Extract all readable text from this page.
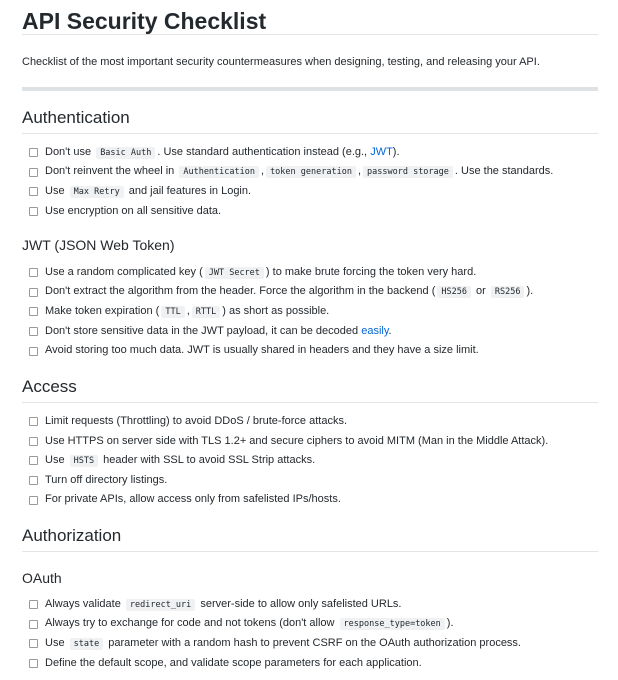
API Security Checklist

Checklist of the most important security countermeasures when designing, testing, and releasing your API.

Authentication
Don't use Basic Auth . Use standard authentication instead (e.g., JWT).
Don't reinvent the wheel in Authentication , token generation , password storage . Use the standards.
Use Max Retry and jail features in Login.
Use encryption on all sensitive data.
JWT (JSON Web Token)
Use a random complicated key ( JWT Secret ) to make brute forcing the token very hard.
Don't extract the algorithm from the header. Force the algorithm in the backend ( HS256 or RS256 ).
Make token expiration ( TTL , RTTL ) as short as possible.
Don't store sensitive data in the JWT payload, it can be decoded easily.
Avoid storing too much data. JWT is usually shared in headers and they have a size limit.
Access
Limit requests (Throttling) to avoid DDoS / brute-force attacks.
Use HTTPS on server side with TLS 1.2+ and secure ciphers to avoid MITM (Man in the Middle Attack).
Use HSTS header with SSL to avoid SSL Strip attacks.
Turn off directory listings.
For private APIs, allow access only from safelisted IPs/hosts.
Authorization
OAuth
Always validate redirect_uri server-side to allow only safelisted URLs.
Always try to exchange for code and not tokens (don't allow response_type=token ).
Use state parameter with a random hash to prevent CSRF on the OAuth authorization process.
Define the default scope, and validate scope parameters for each application.
